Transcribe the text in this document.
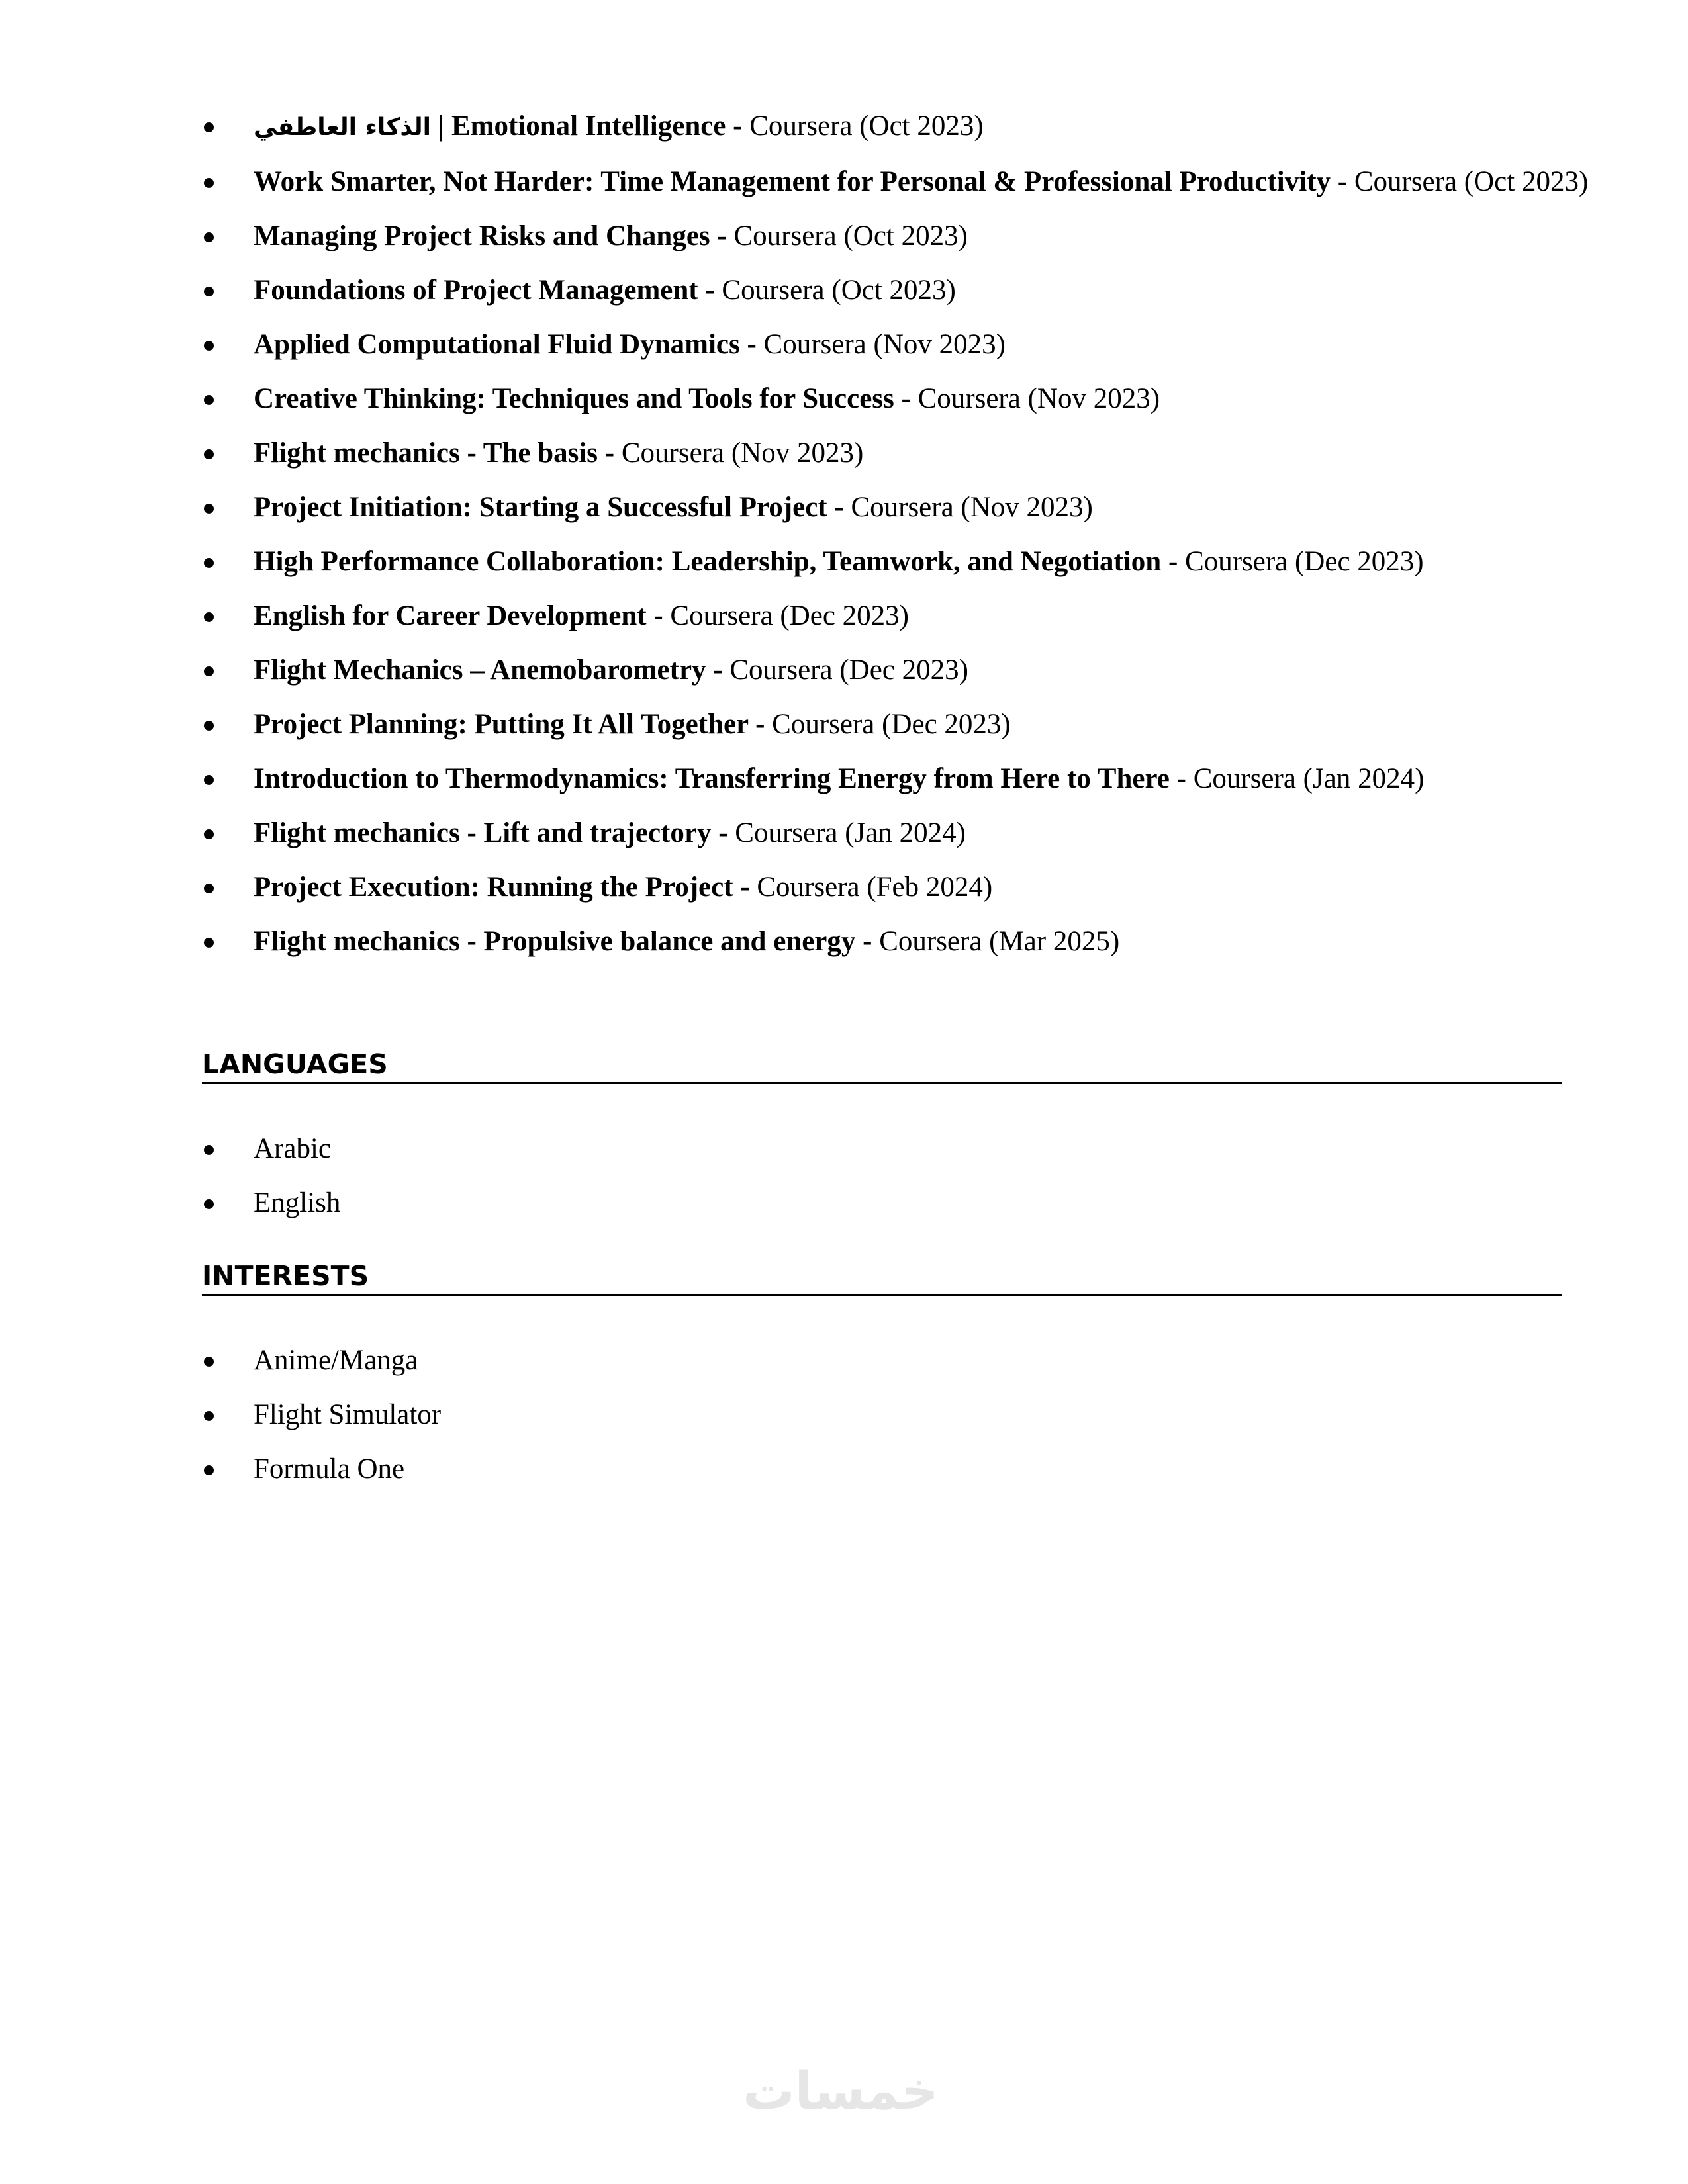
الذكاء العاطفي | Emotional Intelligence - Coursera (Oct 2023)
Work Smarter, Not Harder: Time Management for Personal & Professional Productivity - Coursera (Oct 2023)
Managing Project Risks and Changes - Coursera (Oct 2023)
Foundations of Project Management - Coursera (Oct 2023)
Applied Computational Fluid Dynamics - Coursera (Nov 2023)
Creative Thinking: Techniques and Tools for Success - Coursera (Nov 2023)
Flight mechanics - The basis - Coursera (Nov 2023)
Project Initiation: Starting a Successful Project - Coursera (Nov 2023)
High Performance Collaboration: Leadership, Teamwork, and Negotiation - Coursera (Dec 2023)
English for Career Development - Coursera (Dec 2023)
Flight Mechanics – Anemobarometry - Coursera (Dec 2023)
Project Planning: Putting It All Together - Coursera (Dec 2023)
Introduction to Thermodynamics: Transferring Energy from Here to There - Coursera (Jan 2024)
Flight mechanics - Lift and trajectory - Coursera (Jan 2024)
Project Execution: Running the Project - Coursera (Feb 2024)
Flight mechanics - Propulsive balance and energy - Coursera (Mar 2025)
LANGUAGES
Arabic
English
INTERESTS
Anime/Manga
Flight Simulator
Formula One
خمسات
